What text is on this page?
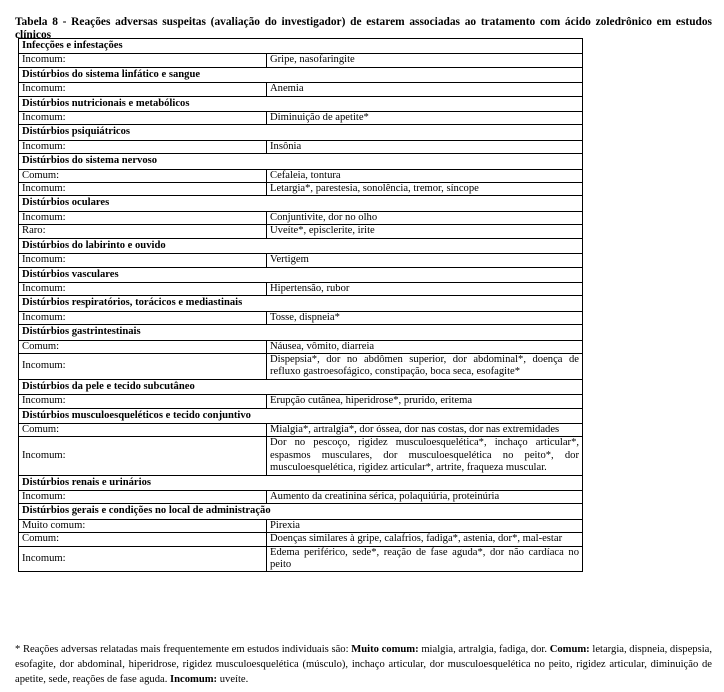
Tabela 8 - Reações adversas suspeitas (avaliação do investigador) de estarem associadas ao tratamento com ácido zoledrônico em estudos clínicos
Infecções e infestações	
Incomum:	Gripe, nasofaringite
Distúrbios do sistema linfático e sangue	
Incomum:	Anemia
Distúrbios nutricionais e metabólicos	
Incomum:	Diminuição de apetite*
Distúrbios psiquiátricos	
Incomum:	Insônia
Distúrbios do sistema nervoso	
Comum:	Cefaleia, tontura
Incomum:	Letargia*, parestesia, sonolência, tremor, síncope
Distúrbios oculares	
Incomum:	Conjuntivite, dor no olho
Raro:	Uveíte*, episclerite, irite
Distúrbios do labirinto e ouvido	
Incomum:	Vertigem
Distúrbios vasculares	
Incomum:	Hipertensão, rubor
Distúrbios respiratórios, torácicos e mediastinais	
Incomum:	Tosse, dispneia*
Distúrbios gastrintestinais	
Comum:	Náusea, vômito, diarreia
Incomum:	Dispepsia*, dor no abdômen superior, dor abdominal*, doença de refluxo gastroesofágico, constipação, boca seca, esofagite*
Distúrbios da pele e tecido subcutâneo	
Incomum:	Erupção cutânea, hiperidrose*, prurido, eritema
Distúrbios musculoesqueléticos e tecido conjuntivo	
Comum:	Mialgia*, artralgia*, dor óssea, dor nas costas, dor nas extremidades
Incomum:	Dor no pescoço, rigidez musculoesquelética*, inchaço articular*, espasmos musculares, dor musculoesquelética no peito*, dor musculoesquelética, rigidez articular*, artrite, fraqueza muscular.
Distúrbios renais e urinários	
Incomum:	Aumento da creatinina sérica, polaquiúria, proteinúria
Distúrbios gerais e condições no local de administração	
Muito comum:	Pirexia
Comum:	Doenças similares à gripe, calafrios, fadiga*, astenia, dor*, mal-estar
Incomum:	Edema periférico, sede*, reação de fase aguda*, dor não cardíaca no peito
* Reações adversas relatadas mais frequentemente em estudos individuais são: Muito comum: mialgia, artralgia, fadiga, dor. Comum: letargia, dispneia, dispepsia, esofagite, dor abdominal, hiperidrose, rigidez musculoesquelética (músculo), inchaço articular, dor musculoesquelética no peito, rigidez articular, diminuição de apetite, sede, reações de fase aguda. Incomum: uveíte.
